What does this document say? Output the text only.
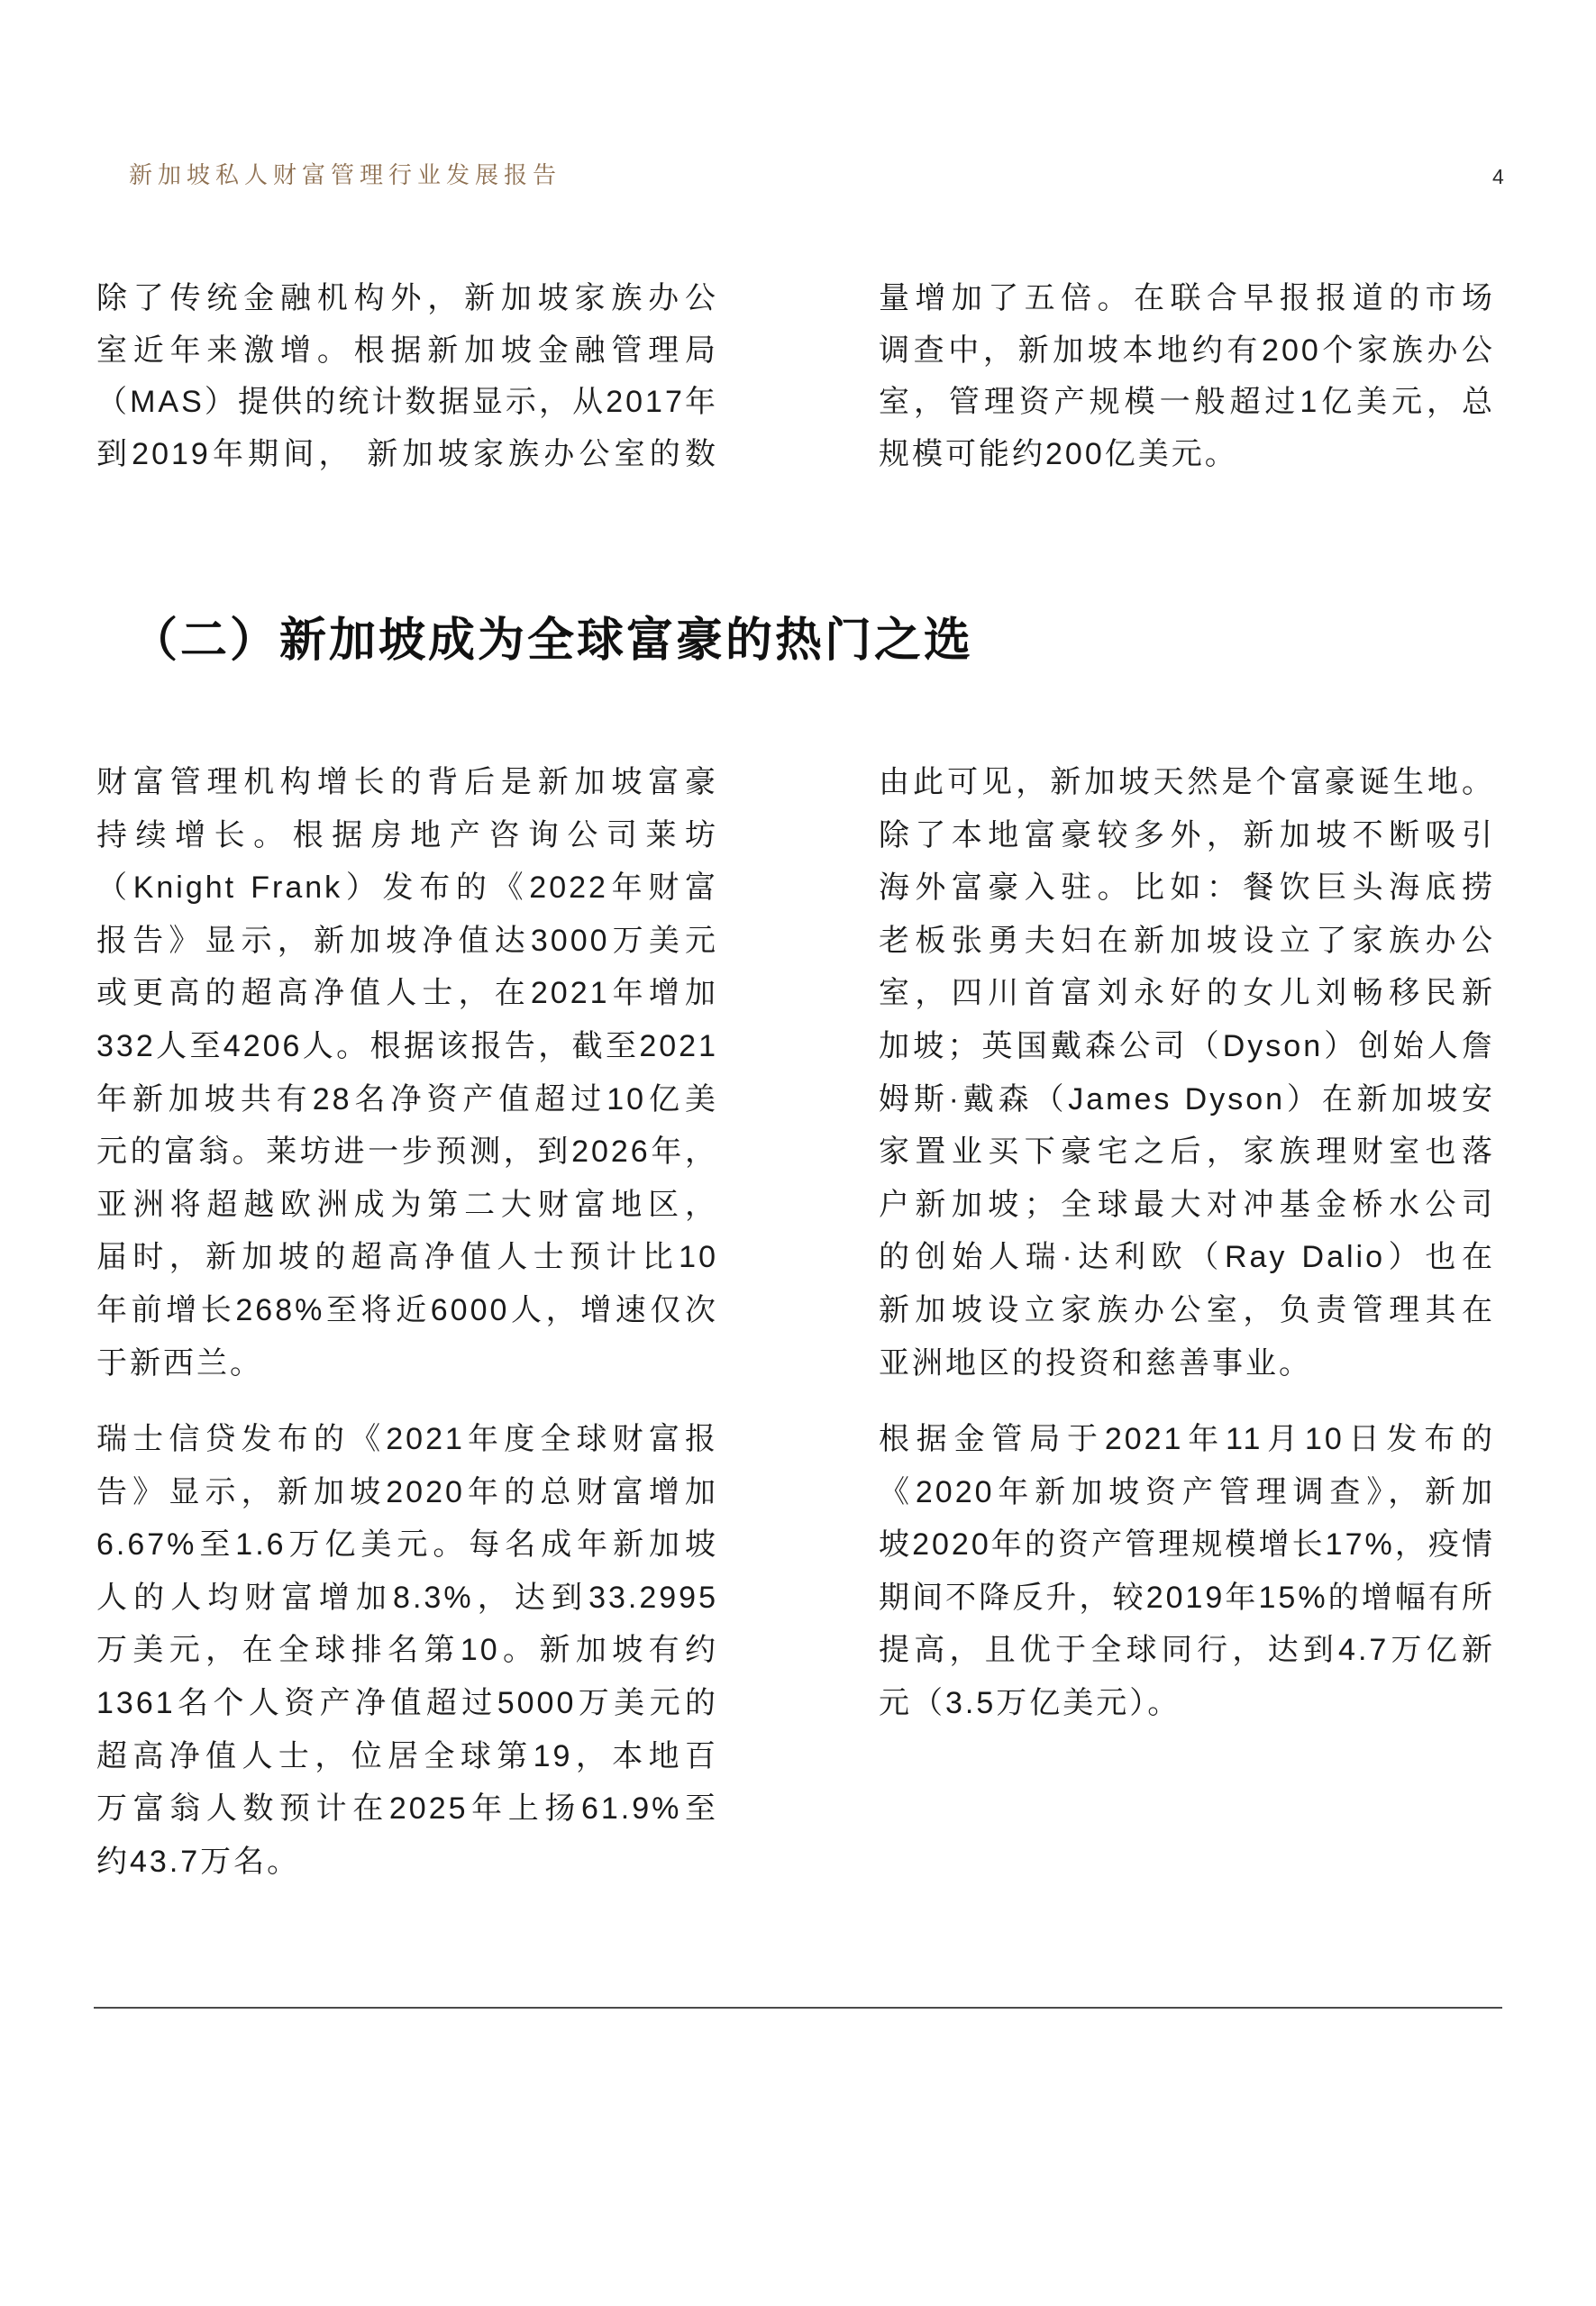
新加坡私人财富管理行业发展报告	4
除了传统金融机构外，新加坡家族办公
室近年来激增。根据新加坡金融管理局
（MAS）提供的统计数据显示，从2017年
到2019年期间， 新加坡家族办公室的数
量增加了五倍。在联合早报报道的市场
调查中，新加坡本地约有200个家族办公
室，管理资产规模一般超过1亿美元，总
规模可能约200亿美元。
（二）新加坡成为全球富豪的热门之选
财富管理机构增长的背后是新加坡富豪
持续增长。根据房地产咨询公司莱坊
（Knight Frank）发布的《2022年财富
报告》显示，新加坡净值达3000万美元
或更高的超高净值人士，在2021年增加
332人至4206人。根据该报告，截至2021
年新加坡共有28名净资产值超过10亿美
元的富翁。莱坊进一步预测，到2026年，
亚洲将超越欧洲成为第二大财富地区，
届时，新加坡的超高净值人士预计比10
年前增长268%至将近6000人，增速仅次
于新西兰。
瑞士信贷发布的《2021年度全球财富报
告》显示，新加坡2020年的总财富增加
6.67%至1.6万亿美元。每名成年新加坡
人的人均财富增加8.3%，达到33.2995
万美元，在全球排名第10。新加坡有约
1361名个人资产净值超过5000万美元的
超高净值人士，位居全球第19，本地百
万富翁人数预计在2025年上扬61.9%至
约43.7万名。
由此可见，新加坡天然是个富豪诞生地。
除了本地富豪较多外，新加坡不断吸引
海外富豪入驻。比如：餐饮巨头海底捞
老板张勇夫妇在新加坡设立了家族办公
室，四川首富刘永好的女儿刘畅移民新
加坡；英国戴森公司（Dyson）创始人詹
姆斯·戴森（James Dyson）在新加坡安
家置业买下豪宅之后，家族理财室也落
户新加坡；全球最大对冲基金桥水公司
的创始人瑞·达利欧（Ray Dalio）也在
新加坡设立家族办公室，负责管理其在
亚洲地区的投资和慈善事业。
根据金管局于2021年11月10日发布的
《2020年新加坡资产管理调查》，新加
坡2020年的资产管理规模增长17%，疫情
期间不降反升，较2019年15%的增幅有所
提高，且优于全球同行，达到4.7万亿新
元（3.5万亿美元）。
